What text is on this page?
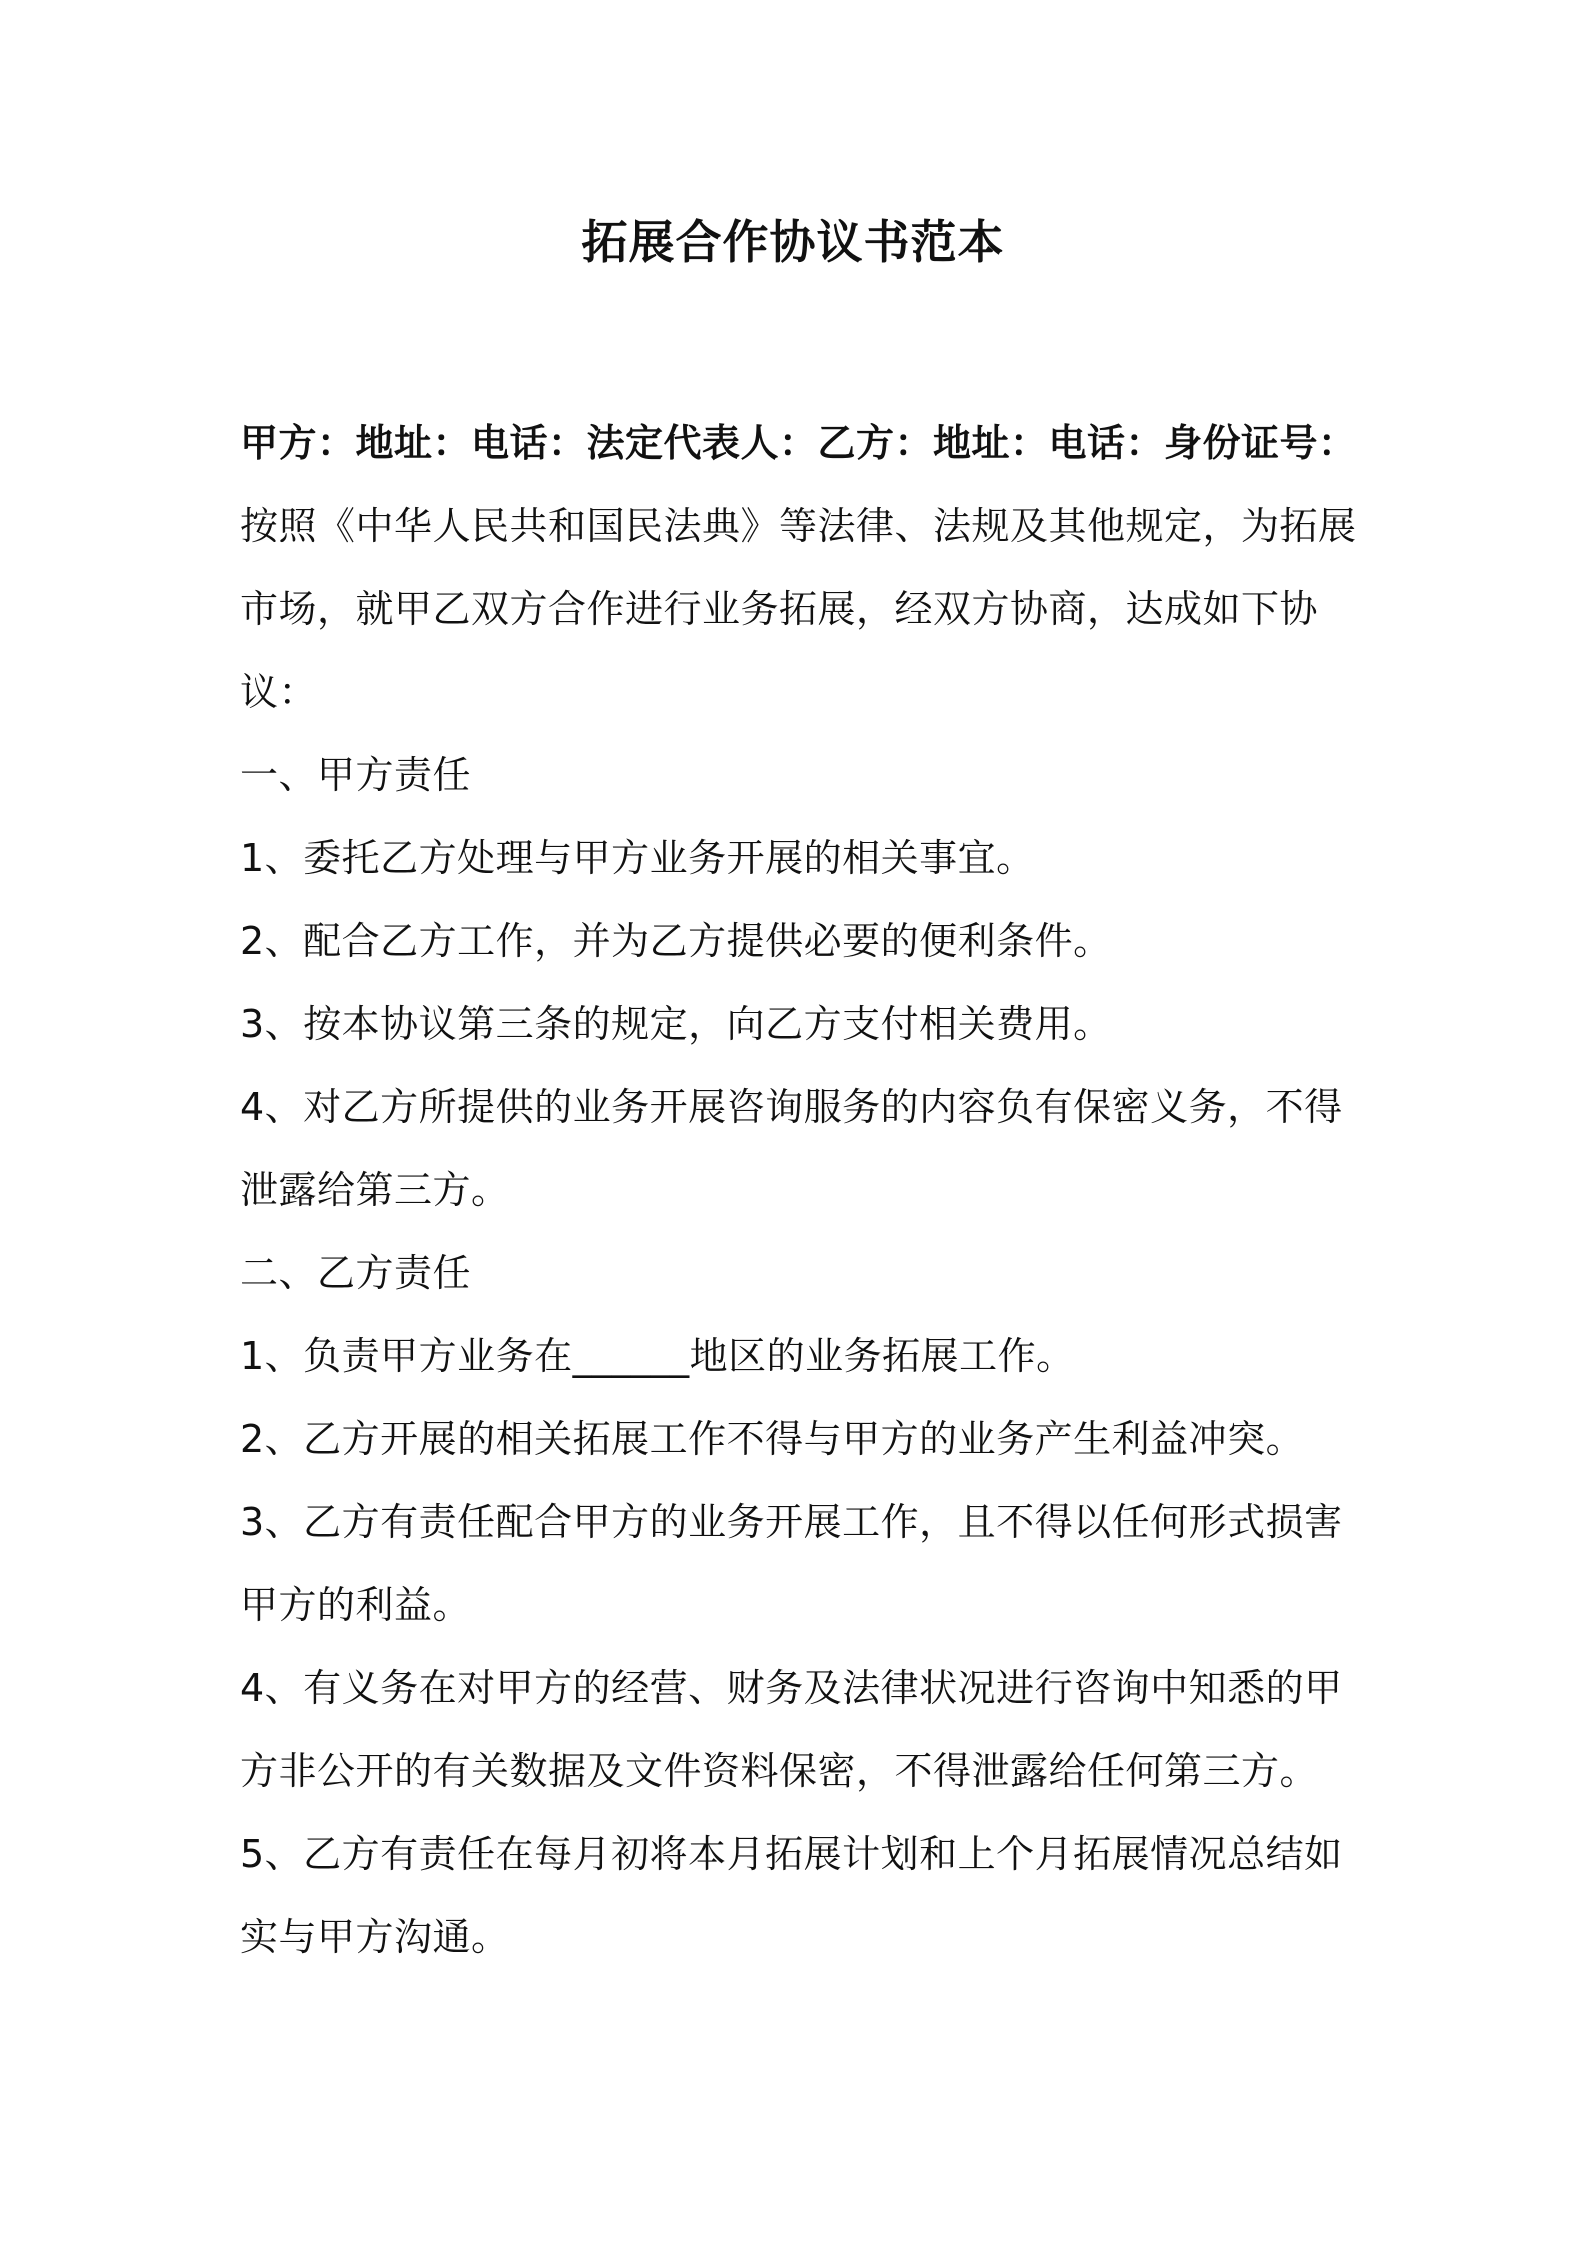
拓展合作协议书范本

甲方：地址：电话：法定代表人：乙方：地址：电话：身份证号：

按照《中华人民共和国民法典》等法律、法规及其他规定，为拓展市场，就甲乙双方合作进行业务拓展，经双方协商，达成如下协议：

一、甲方责任

1、委托乙方处理与甲方业务开展的相关事宜。

2、配合乙方工作，并为乙方提供必要的便利条件。

3、按本协议第三条的规定，向乙方支付相关费用。

4、对乙方所提供的业务开展咨询服务的内容负有保密义务，不得泄露给第三方。

二、乙方责任

1、负责甲方业务在______地区的业务拓展工作。

2、乙方开展的相关拓展工作不得与甲方的业务产生利益冲突。

3、乙方有责任配合甲方的业务开展工作，且不得以任何形式损害甲方的利益。

4、有义务在对甲方的经营、财务及法律状况进行咨询中知悉的甲方非公开的有关数据及文件资料保密，不得泄露给任何第三方。

5、乙方有责任在每月初将本月拓展计划和上个月拓展情况总结如实与甲方沟通。
